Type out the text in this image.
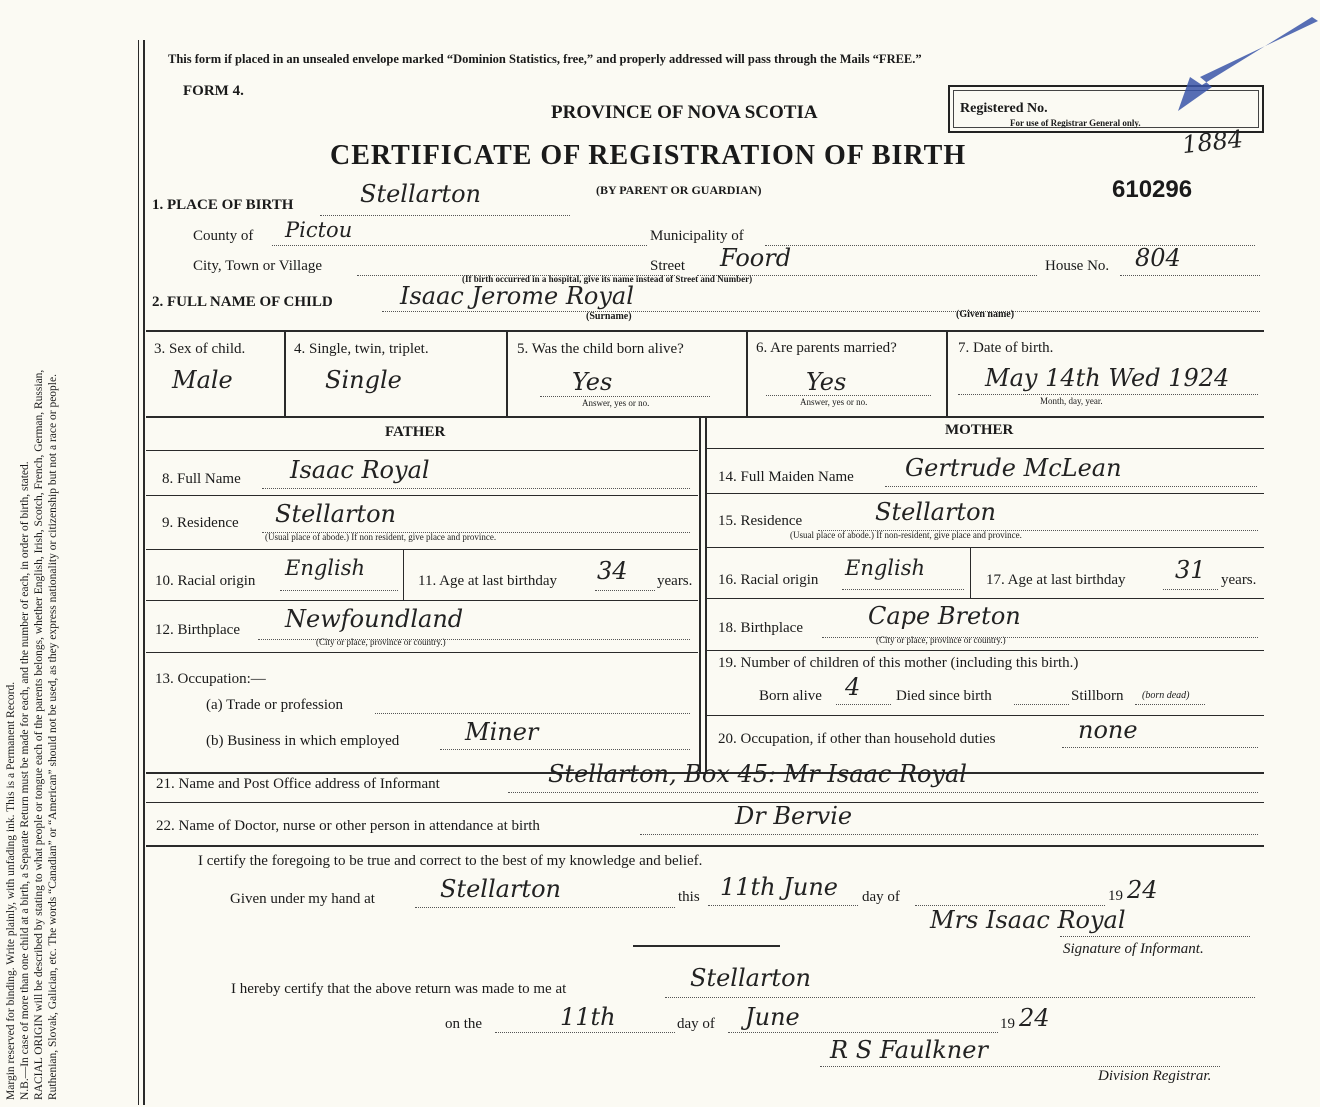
Margin reserved for binding. Write plainly, with unfading ink. This is a Permanent Record. N.B.—In case of more than one child at a birth, a Separate Return must be made for each, and the number of each, in order of birth, stated. RACIAL ORIGIN will be described by stating to what people or tongue each of the parents belongs, whether English, Irish, Scotch, French, German, Russian, Ruthenian, Slovak, Galician, etc. The words “Canadian” or “American” should not be used, as they express nationality or citizenship but not a race or people.
This form if placed in an unsealed envelope marked “Dominion Statistics, free,” and properly addressed will pass through the Mails “FREE.”
FORM 4.
PROVINCE OF NOVA SCOTIA
CERTIFICATE OF REGISTRATION OF BIRTH
(BY PARENT OR GUARDIAN)
Registered No.
For use of Registrar General only.
1884
610296
1. PLACE OF BIRTH	Stellarton
County of Pictou	Municipality of
City, Town or Village	Street Foord	House No. 804
(If birth occurred in a hospital, give its name instead of Street and Number)
2. FULL NAME OF CHILD	Isaac Jerome Royal
(Surname)	(Given name)
3. Sex of child.
Male
4. Single, twin, triplet.
Single
5. Was the child born alive?
Yes
Answer, yes or no.
6. Are parents married?
Yes
Answer, yes or no.
7. Date of birth.
May 14th Wed 1924
Month, day, year.
FATHER	MOTHER
8. Full Name Isaac Royal
9. Residence Stellarton
(Usual place of abode.) If non resident, give place and province.
10. Racial origin
English
11. Age at last birthday 34 years.
12. Birthplace Newfoundland
(City or place, province or country.)
13. Occupation:—
(a) Trade or profession
(b) Business in which employed	Miner
14. Full Maiden Name Gertrude McLean
15. Residence	Stellarton
(Usual place of abode.) If non-resident, give place and province.
16. Racial origin English	17. Age at last birthday 31 years.
18. Birthplace	Cape Breton
(City or place, province or country.)
19. Number of children of this mother (including this birth.)
Born alive 4 Died since birth	Stillborn (born dead)
20. Occupation, if other than household duties	none
21. Name and Post Office address of Informant	Stellarton, Box 45: Mr Isaac Royal
22. Name of Doctor, nurse or other person in attendance at birth	Dr Bervie
I certify the foregoing to be true and correct to the best of my knowledge and belief.
Given under my hand at	Stellarton	this 11th June day of	19 24
Mrs Isaac Royal
Signature of Informant.
I hereby certify that the above return was made to me at	Stellarton
on the	11th	day of June	19 24
R S Faulkner
Division Registrar.
